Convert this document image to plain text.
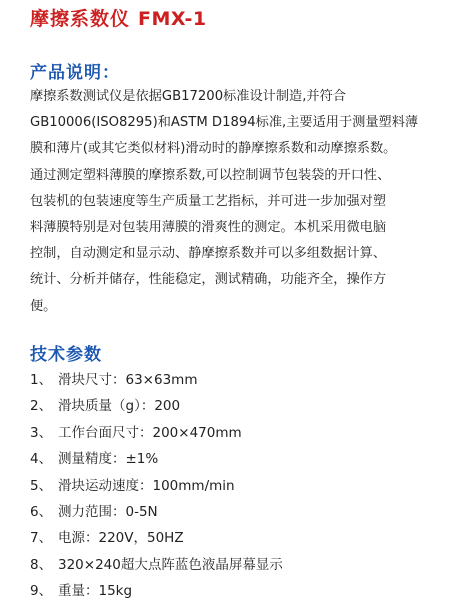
摩擦系数仪 FMX-1
产品说明：

摩擦系数测试仪是依据GB17200标准设计制造,并符合
GB10006(ISO8295)和ASTM D1894标准,主要适用于测量塑料薄
膜和薄片(或其它类似材料)滑动时的静摩擦系数和动摩擦系数。
通过测定塑料薄膜的摩擦系数,可以控制调节包装袋的开口性、
包装机的包装速度等生产质量工艺指标，并可进一步加强对塑
料薄膜特别是对包装用薄膜的滑爽性的测定。本机采用微电脑
控制，自动测定和显示动、静摩擦系数并可以多组数据计算、
统计、分析并储存，性能稳定，测试精确，功能齐全，操作方
便。

技术参数
1、 滑块尺寸：63×63mm
2、 滑块质量（g）：200
3、 工作台面尺寸：200×470mm
4、 测量精度：±1%
5、 滑块运动速度：100mm/min
6、 测力范围：0-5N
7、 电源：220V，50HZ
8、 320×240超大点阵蓝色液晶屏幕显示
9、 重量：15kg
